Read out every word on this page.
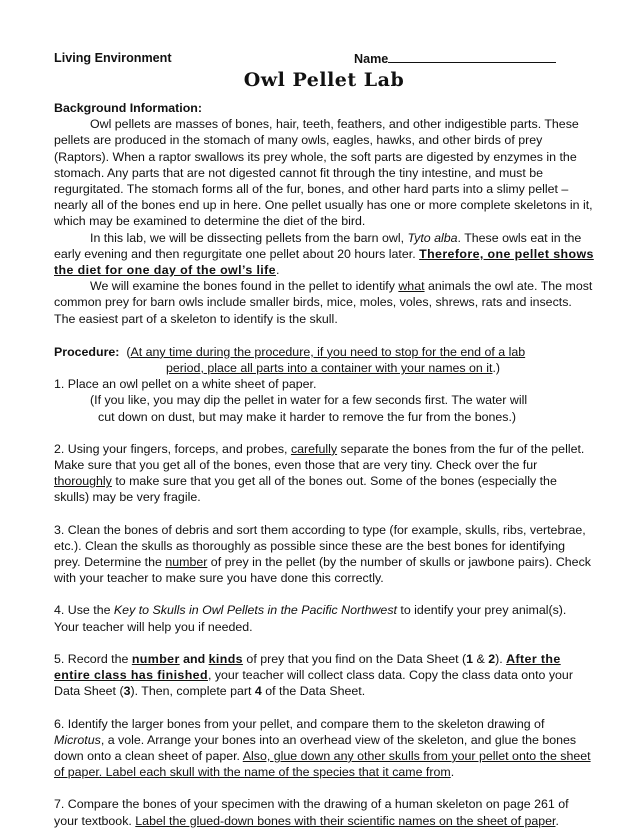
Living Environment	Name
Owl Pellet Lab

Background Information:

Owl pellets are masses of bones, hair, teeth, feathers, and other indigestible parts. These pellets are produced in the stomach of many owls, eagles, hawks, and other birds of prey (Raptors). When a raptor swallows its prey whole, the soft parts are digested by enzymes in the stomach. Any parts that are not digested cannot fit through the tiny intestine, and must be regurgitated. The stomach forms all of the fur, bones, and other hard parts into a slimy pellet – nearly all of the bones end up in here. One pellet usually has one or more complete skeletons in it, which may be examined to determine the diet of the bird.

In this lab, we will be dissecting pellets from the barn owl, Tyto alba. These owls eat in the early evening and then regurgitate one pellet about 20 hours later. Therefore, one pellet shows the diet for one day of the owl’s life.

We will examine the bones found in the pellet to identify what animals the owl ate. The most common prey for barn owls include smaller birds, mice, moles, voles, shrews, rats and insects. The easiest part of a skeleton to identify is the skull.

Procedure: (At any time during the procedure, if you need to stop for the end of a lab

period, place all parts into a container with your names on it.)

1. Place an owl pellet on a white sheet of paper.

(If you like, you may dip the pellet in water for a few seconds first. The water will

cut down on dust, but may make it harder to remove the fur from the bones.)

2. Using your fingers, forceps, and probes, carefully separate the bones from the fur of the pellet. Make sure that you get all of the bones, even those that are very tiny. Check over the fur thoroughly to make sure that you get all of the bones out. Some of the bones (especially the skulls) may be very fragile.

3. Clean the bones of debris and sort them according to type (for example, skulls, ribs, vertebrae, etc.). Clean the skulls as thoroughly as possible since these are the best bones for identifying prey. Determine the number of prey in the pellet (by the number of skulls or jawbone pairs). Check with your teacher to make sure you have done this correctly.

4. Use the Key to Skulls in Owl Pellets in the Pacific Northwest to identify your prey animal(s). Your teacher will help you if needed.

5. Record the number and kinds of prey that you find on the Data Sheet (1 & 2). After the entire class has finished, your teacher will collect class data. Copy the class data onto your Data Sheet (3). Then, complete part 4 of the Data Sheet.

6. Identify the larger bones from your pellet, and compare them to the skeleton drawing of Microtus, a vole. Arrange your bones into an overhead view of the skeleton, and glue the bones down onto a clean sheet of paper. Also, glue down any other skulls from your pellet onto the sheet of paper. Label each skull with the name of the species that it came from.

7. Compare the bones of your specimen with the drawing of a human skeleton on page 261 of your textbook. Label the glued-down bones with their scientific names on the sheet of paper.
